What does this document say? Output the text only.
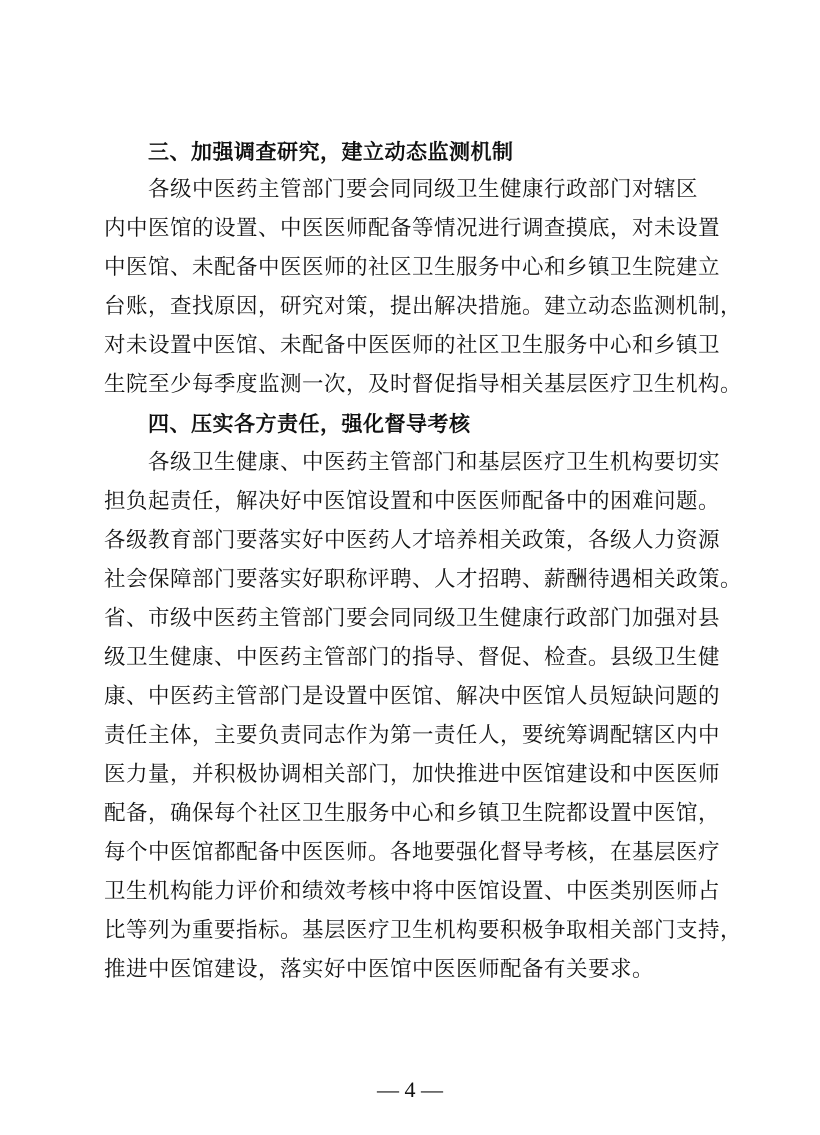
三、加强调查研究，建立动态监测机制
各级中医药主管部门要会同同级卫生健康行政部门对辖区
内中医馆的设置、中医医师配备等情况进行调查摸底，对未设置
中医馆、未配备中医医师的社区卫生服务中心和乡镇卫生院建立
台账，查找原因，研究对策，提出解决措施。建立动态监测机制，
对未设置中医馆、未配备中医医师的社区卫生服务中心和乡镇卫
生院至少每季度监测一次，及时督促指导相关基层医疗卫生机构。
四、压实各方责任，强化督导考核
各级卫生健康、中医药主管部门和基层医疗卫生机构要切实
担负起责任，解决好中医馆设置和中医医师配备中的困难问题。
各级教育部门要落实好中医药人才培养相关政策，各级人力资源
社会保障部门要落实好职称评聘、人才招聘、薪酬待遇相关政策。
省、市级中医药主管部门要会同同级卫生健康行政部门加强对县
级卫生健康、中医药主管部门的指导、督促、检查。县级卫生健
康、中医药主管部门是设置中医馆、解决中医馆人员短缺问题的
责任主体，主要负责同志作为第一责任人，要统筹调配辖区内中
医力量，并积极协调相关部门，加快推进中医馆建设和中医医师
配备，确保每个社区卫生服务中心和乡镇卫生院都设置中医馆，
每个中医馆都配备中医医师。各地要强化督导考核，在基层医疗
卫生机构能力评价和绩效考核中将中医馆设置、中医类别医师占
比等列为重要指标。基层医疗卫生机构要积极争取相关部门支持，
推进中医馆建设，落实好中医馆中医医师配备有关要求。
— 4 —
